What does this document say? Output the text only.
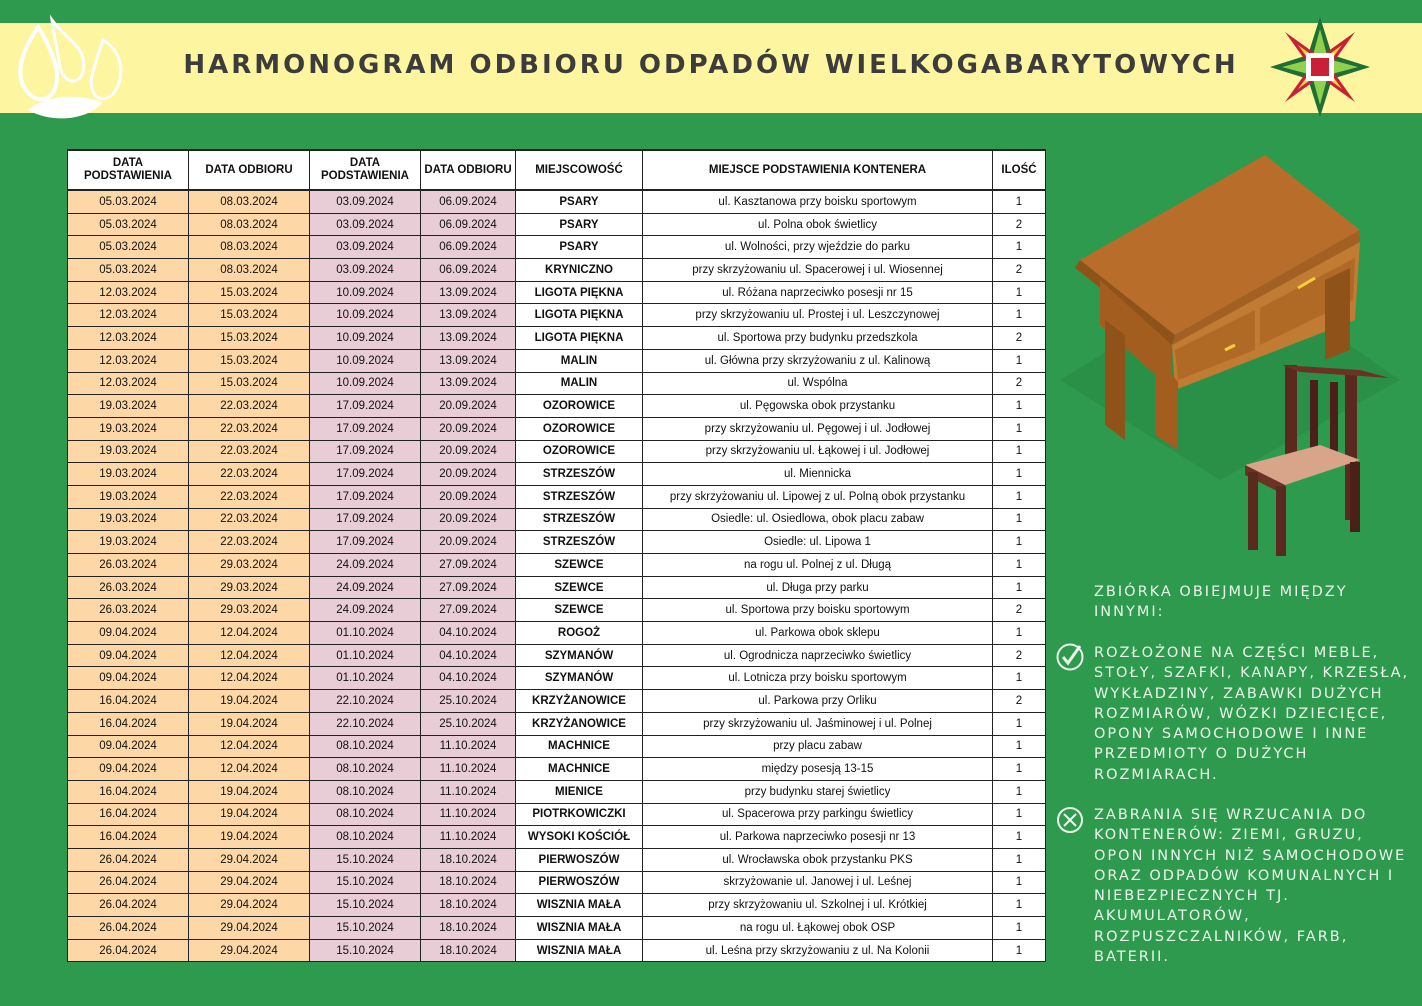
HARMONOGRAM ODBIORU ODPADÓW WIELKOGABARYTOWYCH
DATA PODSTAWIENIA	DATA ODBIORU	DATA PODSTAWIENIA	DATA ODBIORU	MIEJSCOWOŚĆ	MIEJSCE PODSTAWIENIA KONTENERA	ILOŚĆ
05.03.2024	08.03.2024	03.09.2024	06.09.2024	PSARY	ul. Kasztanowa przy boisku sportowym	1
05.03.2024	08.03.2024	03.09.2024	06.09.2024	PSARY	ul. Polna obok świetlicy	2
05.03.2024	08.03.2024	03.09.2024	06.09.2024	PSARY	ul. Wolności, przy wjeździe do parku	1
05.03.2024	08.03.2024	03.09.2024	06.09.2024	KRYNICZNO	przy skrzyżowaniu ul. Spacerowej i ul. Wiosennej	2
12.03.2024	15.03.2024	10.09.2024	13.09.2024	LIGOTA PIĘKNA	ul. Różana naprzeciwko posesji nr 15	1
12.03.2024	15.03.2024	10.09.2024	13.09.2024	LIGOTA PIĘKNA	przy skrzyżowaniu ul. Prostej i ul. Leszczynowej	1
12.03.2024	15.03.2024	10.09.2024	13.09.2024	LIGOTA PIĘKNA	ul. Sportowa przy budynku przedszkola	2
12.03.2024	15.03.2024	10.09.2024	13.09.2024	MALIN	ul. Główna przy skrzyżowaniu z ul. Kalinową	1
12.03.2024	15.03.2024	10.09.2024	13.09.2024	MALIN	ul. Wspólna	2
19.03.2024	22.03.2024	17.09.2024	20.09.2024	OZOROWICE	ul. Pęgowska obok przystanku	1
19.03.2024	22.03.2024	17.09.2024	20.09.2024	OZOROWICE	przy skrzyżowaniu ul. Pęgowej i ul. Jodłowej	1
19.03.2024	22.03.2024	17.09.2024	20.09.2024	OZOROWICE	przy skrzyżowaniu ul. Łąkowej i ul. Jodłowej	1
19.03.2024	22.03.2024	17.09.2024	20.09.2024	STRZESZÓW	ul. Miennicka	1
19.03.2024	22.03.2024	17.09.2024	20.09.2024	STRZESZÓW	przy skrzyżowaniu ul. Lipowej z ul. Polną obok przystanku	1
19.03.2024	22.03.2024	17.09.2024	20.09.2024	STRZESZÓW	Osiedle: ul. Osiedlowa, obok placu zabaw	1
19.03.2024	22.03.2024	17.09.2024	20.09.2024	STRZESZÓW	Osiedle: ul. Lipowa 1	1
26.03.2024	29.03.2024	24.09.2024	27.09.2024	SZEWCE	na rogu ul. Polnej z ul. Długą	1
26.03.2024	29.03.2024	24.09.2024	27.09.2024	SZEWCE	ul. Długa przy parku	1
26.03.2024	29.03.2024	24.09.2024	27.09.2024	SZEWCE	ul. Sportowa przy boisku sportowym	2
09.04.2024	12.04.2024	01.10.2024	04.10.2024	ROGOŻ	ul. Parkowa obok sklepu	1
09.04.2024	12.04.2024	01.10.2024	04.10.2024	SZYMANÓW	ul. Ogrodnicza naprzeciwko świetlicy	2
09.04.2024	12.04.2024	01.10.2024	04.10.2024	SZYMANÓW	ul. Lotnicza przy boisku sportowym	1
16.04.2024	19.04.2024	22.10.2024	25.10.2024	KRZYŻANOWICE	ul. Parkowa przy Orliku	2
16.04.2024	19.04.2024	22.10.2024	25.10.2024	KRZYŻANOWICE	przy skrzyżowaniu ul. Jaśminowej i ul. Polnej	1
09.04.2024	12.04.2024	08.10.2024	11.10.2024	MACHNICE	przy placu zabaw	1
09.04.2024	12.04.2024	08.10.2024	11.10.2024	MACHNICE	między posesją 13-15	1
16.04.2024	19.04.2024	08.10.2024	11.10.2024	MIENICE	przy budynku starej świetlicy	1
16.04.2024	19.04.2024	08.10.2024	11.10.2024	PIOTRKOWICZKI	ul. Spacerowa przy parkingu świetlicy	1
16.04.2024	19.04.2024	08.10.2024	11.10.2024	WYSOKI KOŚCIÓŁ	ul. Parkowa naprzeciwko posesji nr 13	1
26.04.2024	29.04.2024	15.10.2024	18.10.2024	PIERWOSZÓW	ul. Wrocławska obok przystanku PKS	1
26.04.2024	29.04.2024	15.10.2024	18.10.2024	PIERWOSZÓW	skrzyżowanie ul. Janowej i ul. Leśnej	1
26.04.2024	29.04.2024	15.10.2024	18.10.2024	WISZNIA MAŁA	przy skrzyżowaniu ul. Szkolnej i ul. Krótkiej	1
26.04.2024	29.04.2024	15.10.2024	18.10.2024	WISZNIA MAŁA	na rogu ul. Łąkowej obok OSP	1
26.04.2024	29.04.2024	15.10.2024	18.10.2024	WISZNIA MAŁA	ul. Leśna przy skrzyżowaniu z ul. Na Kolonii	1
ZBIÓRKA OBIEJMUJE MIĘDZY INNYMI:
ROZŁOŻONE NA CZĘŚCI MEBLE, STOŁY, SZAFKI, KANAPY, KRZESŁA, WYKŁADZINY, ZABAWKI DUŻYCH ROZMIARÓW, WÓZKI DZIECIĘCE, OPONY SAMOCHODOWE I INNE PRZEDMIOTY O DUŻYCH ROZMIARACH.
ZABRANIA SIĘ WRZUCANIA DO KONTENERÓW: ZIEMI, GRUZU, OPON INNYCH NIŻ SAMOCHODOWE ORAZ ODPADÓW KOMUNALNYCH I NIEBEZPIECZNYCH TJ. AKUMULATORÓW, ROZPUSZCZALNIKÓW, FARB, BATERII.
